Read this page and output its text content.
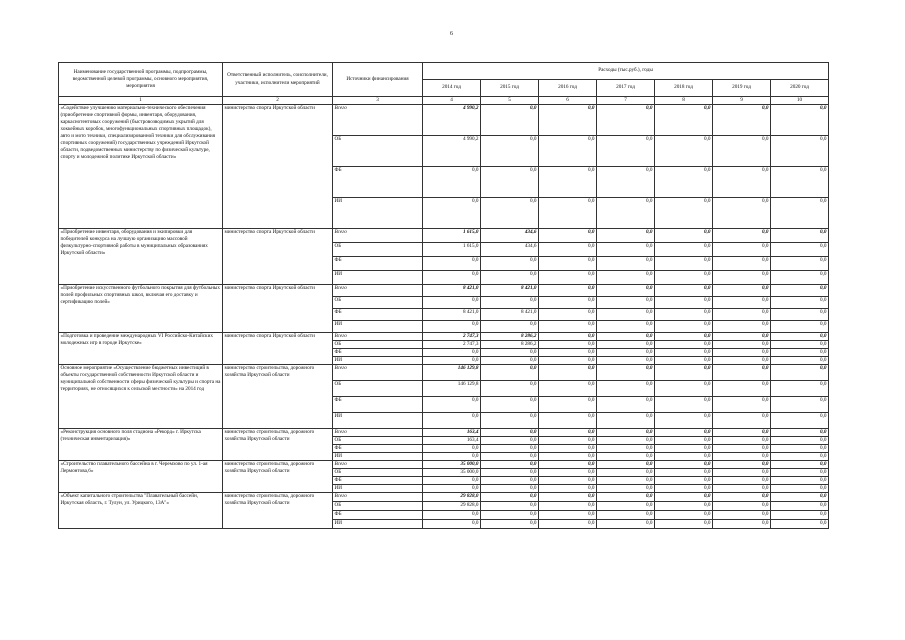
6
Наименование государственной программы, подпрограммы, ведомственной целевой программы, основного мероприятия, мероприятия	Ответственный исполнитель, соисполнители, участники, исполнители мероприятий	Источники финансирования	Расходы (тыс.руб.), годы						
			2014 год	2015 год	2016 год	2017 год	2018 год	2019 год	2020 год
1	2	3	4	5	6	7	8	9	10
«Содействие улучшению материально-технического обеспечения (приобретение спортивной формы, инвентаря, оборудования, каркаснотентовых сооружений (быстровозводимых укрытий для хоккейных коробок, многофункциональных спортивных площадок), авто и мото техники, специализированной техники для обслуживания спортивных сооружений) государственных учреждений Иркутской области, подведомственных министерству по физической культуре, спорту и молодежной политике Иркутской области»	министерство спорта Иркутской области	Всего	4 990,2	0,0	0,0	0,0	0,0	0,0	0,0
		ОБ	4 990,2	0,0	0,0	0,0	0,0	0,0	0,0
		ФБ	0,0	0,0	0,0	0,0	0,0	0,0	0,0
		ИИ	0,0	0,0	0,0	0,0	0,0	0,0	0,0
«Приобретение инвентаря, оборудования и экипировки для победителей конкурса на лучшую организацию массовой физкультурно-спортивной работы в муниципальных образованиях Иркутской области»	министерство спорта Иркутской области	Всего	1 615,0	434,6	0,0	0,0	0,0	0,0	0,0
		ОБ	1 615,0	434,6	0,0	0,0	0,0	0,0	0,0
		ФБ	0,0	0,0	0,0	0,0	0,0	0,0	0,0
		ИИ	0,0	0,0	0,0	0,0	0,0	0,0	0,0
«Приобретение искусственного футбольного покрытия для футбольных полей профильных спортивных школ, включая его доставку и сертификацию полей»	министерство спорта Иркутской области	Всего	8 421,0	8 421,0	0,0	0,0	0,0	0,0	0,0
		ОБ	0,0	0,0	0,0	0,0	0,0	0,0	0,0
		ФБ	8 421,0	8 421,0	0,0	0,0	0,0	0,0	0,0
		ИИ	0,0	0,0	0,0	0,0	0,0	0,0	0,0
«Подготовка и проведение международных VI Российско-Китайских молодежных игр в городе Иркутске»	министерство спорта Иркутской области	Всего	2 747,3	8 286,2	0,0	0,0	0,0	0,0	0,0
		ОБ	2 747,3	8 286,2	0,0	0,0	0,0	0,0	0,0
		ФБ	0,0	0,0	0,0	0,0	0,0	0,0	0,0
		ИИ	0,0	0,0	0,0	0,0	0,0	0,0	0,0
Основное мероприятие «Осуществление бюджетных инвестиций в объекты государственной собственности Иркутской области и муниципальной собственности сферы физической культуры и спорта на территориях, не относящихся к сельской местности» на 2014 год	министерство строительства, дорожного хозяйства Иркутской области	Всего	146 129,8	0,0	0,0	0,0	0,0	0,0	0,0
		ОБ	146 129,8	0,0	0,0	0,0	0,0	0,0	0,0
		ФБ	0,0	0,0	0,0	0,0	0,0	0,0	0,0
		ИИ	0,0	0,0	0,0	0,0	0,0	0,0	0,0
«Реконструкция основного поля стадиона «Рекорд» г. Иркутска (техническая инвентаризация)»	министерство строительства, дорожного хозяйства Иркутской области	Всего	163,4	0,0	0,0	0,0	0,0	0,0	0,0
		ОБ	163,4	0,0	0,0	0,0	0,0	0,0	0,0
		ФБ	0,0	0,0	0,0	0,0	0,0	0,0	0,0
		ИИ	0,0	0,0	0,0	0,0	0,0	0,0	0,0
«Строительство плавательного бассейна в г. Черемхово по ул. 1-ая Лермонтова,6»	министерство строительства, дорожного хозяйства Иркутской области	Всего	35 000,0	0,0	0,0	0,0	0,0	0,0	0,0
		ОБ	35 000,0	0,0	0,0	0,0	0,0	0,0	0,0
		ФБ	0,0	0,0	0,0	0,0	0,0	0,0	0,0
		ИИ	0,0	0,0	0,0	0,0	0,0	0,0	0,0
«Объект капитального строительства "Плавательный бассейн, Иркутская область, г. Тулун, ул. Урицкого, 13А"»	министерство строительства, дорожного хозяйства Иркутской области	Всего	29 828,0	0,0	0,0	0,0	0,0	0,0	0,0
		ОБ	29 828,0	0,0	0,0	0,0	0,0	0,0	0,0
		ФБ	0,0	0,0	0,0	0,0	0,0	0,0	0,0
		ИИ	0,0	0,0	0,0	0,0	0,0	0,0	0,0
